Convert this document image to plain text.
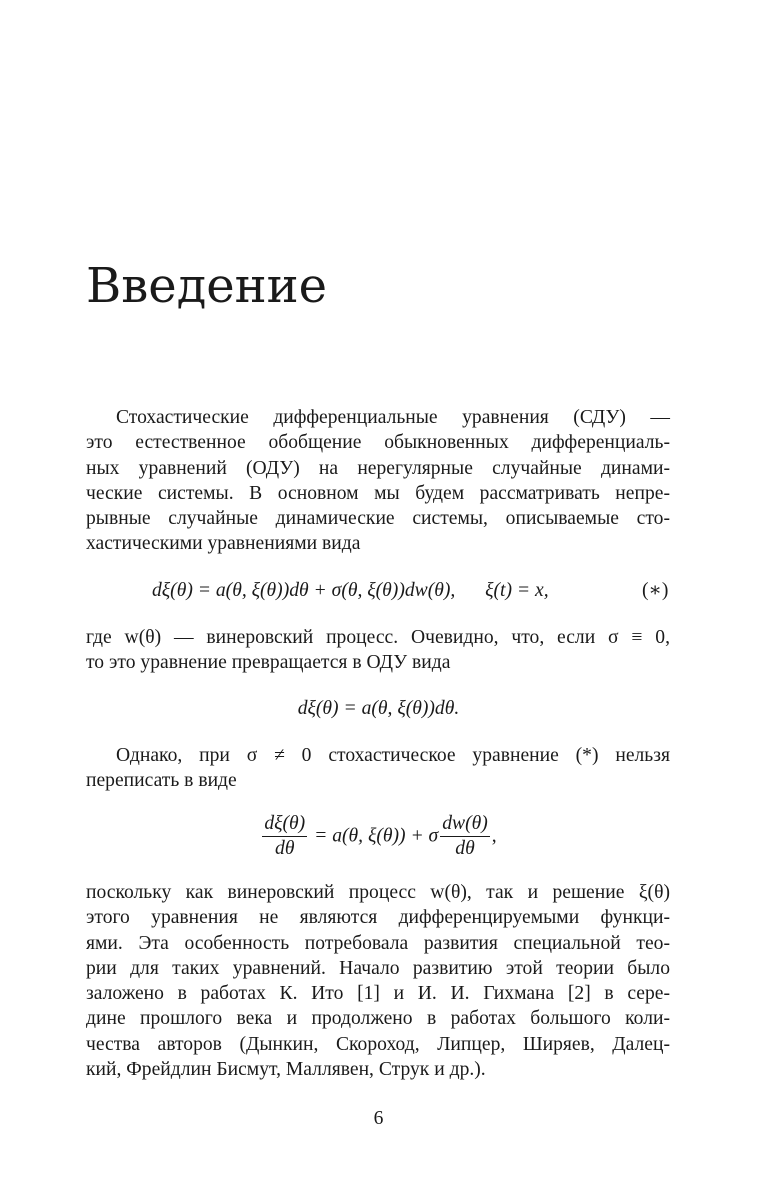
Введение
Стохастические дифференциальные уравнения (СДУ) —
это естественное обобщение обыкновенных дифференциаль-
ных уравнений (ОДУ) на нерегулярные случайные динами-
ческие системы. В основном мы будем рассматривать непре-
рывные случайные динамические системы, описываемые сто-
хастическими уравнениями вида
dξ(θ) = a(θ, ξ(θ))dθ + σ(θ, ξ(θ))dw(θ), ξ(t) = x,	(∗)
где w(θ) — винеровский процесс. Очевидно, что, если σ ≡ 0,
то это уравнение превращается в ОДУ вида
dξ(θ) = a(θ, ξ(θ))dθ.
Однако, при σ ≠ 0 стохастическое уравнение (*) нельзя
переписать в виде
$\frac{d\xi(\theta)}{d\theta} = a(\theta$, ξ(θ)) + σ $\frac{dw(\theta)}{d\theta}$ ,
поскольку как винеровский процесс w(θ), так и решение ξ(θ)
этого уравнения не являются дифференцируемыми функци-
ями. Эта особенность потребовала развития специальной тео-
рии для таких уравнений. Начало развитию этой теории было
заложено в работах К. Ито [1] и И. И. Гихмана [2] в сере-
дине прошлого века и продолжено в работах большого коли-
чества авторов (Дынкин, Скороход, Липцер, Ширяев, Далец-
кий, Фрейдлин Бисмут, Маллявен, Струк и др.).
6
